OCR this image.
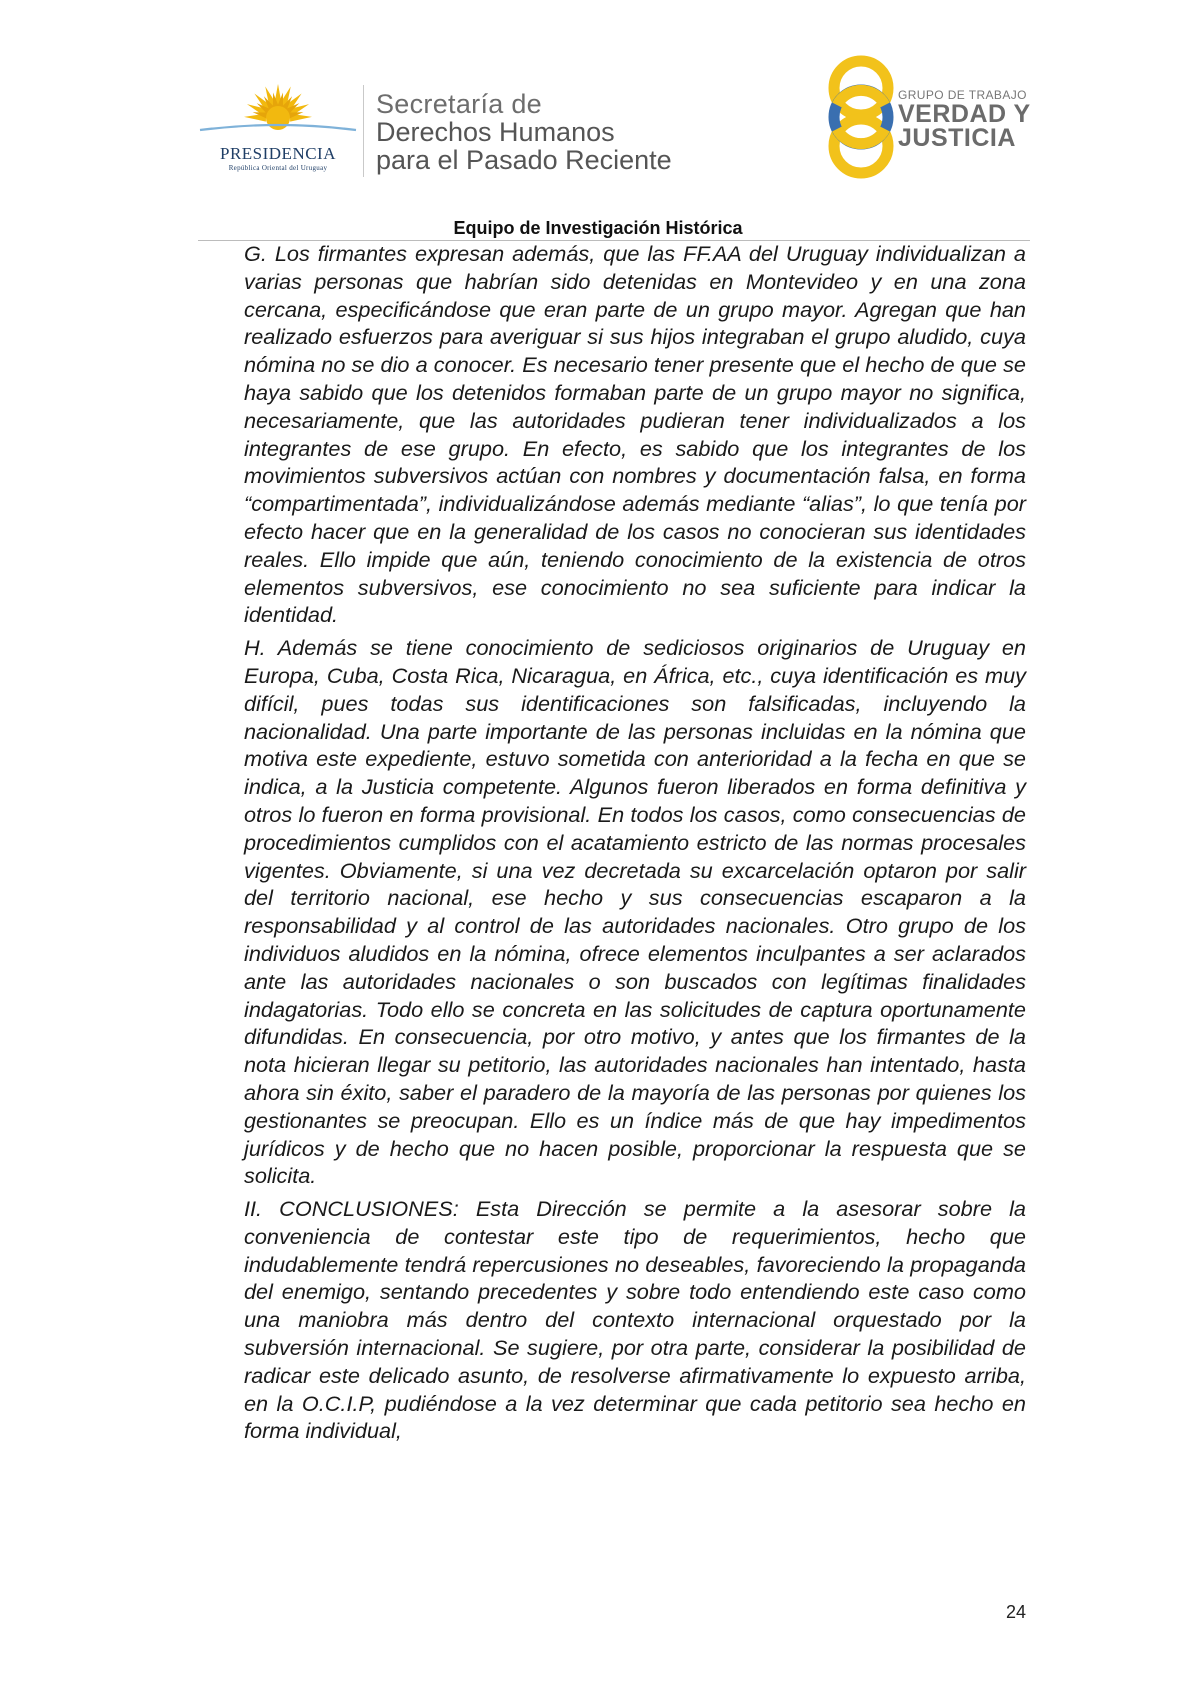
PRESIDENCIA
República Oriental del Uruguay
Secretaría de
Derechos Humanos
para el Pasado Reciente
GRUPO DE TRABAJO
VERDAD Y
JUSTICIA
Equipo de Investigación Histórica

G. Los firmantes expresan además, que las FF.AA del Uruguay individualizan a varias personas que habrían sido detenidas en Montevideo y en una zona cercana, especificándose que eran parte de un grupo mayor. Agregan que han realizado esfuerzos para averiguar si sus hijos integraban el grupo aludido, cuya nómina no se dio a conocer. Es necesario tener presente que el hecho de que se haya sabido que los detenidos formaban parte de un grupo mayor no significa, necesariamente, que las autoridades pudieran tener individualizados a los integrantes de ese grupo. En efecto, es sabido que los integrantes de los movimientos subversivos actúan con nombres y documentación falsa, en forma “compartimentada”, individualizándose además mediante “alias”, lo que tenía por efecto hacer que en la generalidad de los casos no conocieran sus identidades reales. Ello impide que aún, teniendo conocimiento de la existencia de otros elementos subversivos, ese conocimiento no sea suficiente para indicar la identidad.

H. Además se tiene conocimiento de sediciosos originarios de Uruguay en Europa, Cuba, Costa Rica, Nicaragua, en África, etc., cuya identificación es muy difícil, pues todas sus identificaciones son falsificadas, incluyendo la nacionalidad. Una parte importante de las personas incluidas en la nómina que motiva este expediente, estuvo sometida con anterioridad a la fecha en que se indica, a la Justicia competente. Algunos fueron liberados en forma definitiva y otros lo fueron en forma provisional. En todos los casos, como consecuencias de procedimientos cumplidos con el acatamiento estricto de las normas procesales vigentes. Obviamente, si una vez decretada su excarcelación optaron por salir del territorio nacional, ese hecho y sus consecuencias escaparon a la responsabilidad y al control de las autoridades nacionales. Otro grupo de los individuos aludidos en la nómina, ofrece elementos inculpantes a ser aclarados ante las autoridades nacionales o son buscados con legítimas finalidades indagatorias. Todo ello se concreta en las solicitudes de captura oportunamente difundidas. En consecuencia, por otro motivo, y antes que los firmantes de la nota hicieran llegar su petitorio, las autoridades nacionales han intentado, hasta ahora sin éxito, saber el paradero de la mayoría de las personas por quienes los gestionantes se preocupan. Ello es un índice más de que hay impedimentos jurídicos y de hecho que no hacen posible, proporcionar la respuesta que se solicita.

II. CONCLUSIONES: Esta Dirección se permite a la asesorar sobre la conveniencia de contestar este tipo de requerimientos, hecho que indudablemente tendrá repercusiones no deseables, favoreciendo la propaganda del enemigo, sentando precedentes y sobre todo entendiendo este caso como una maniobra más dentro del contexto internacional orquestado por la subversión internacional. Se sugiere, por otra parte, considerar la posibilidad de radicar este delicado asunto, de resolverse afirmativamente lo expuesto arriba, en la O.C.I.P, pudiéndose a la vez determinar que cada petitorio sea hecho en forma individual,

24
